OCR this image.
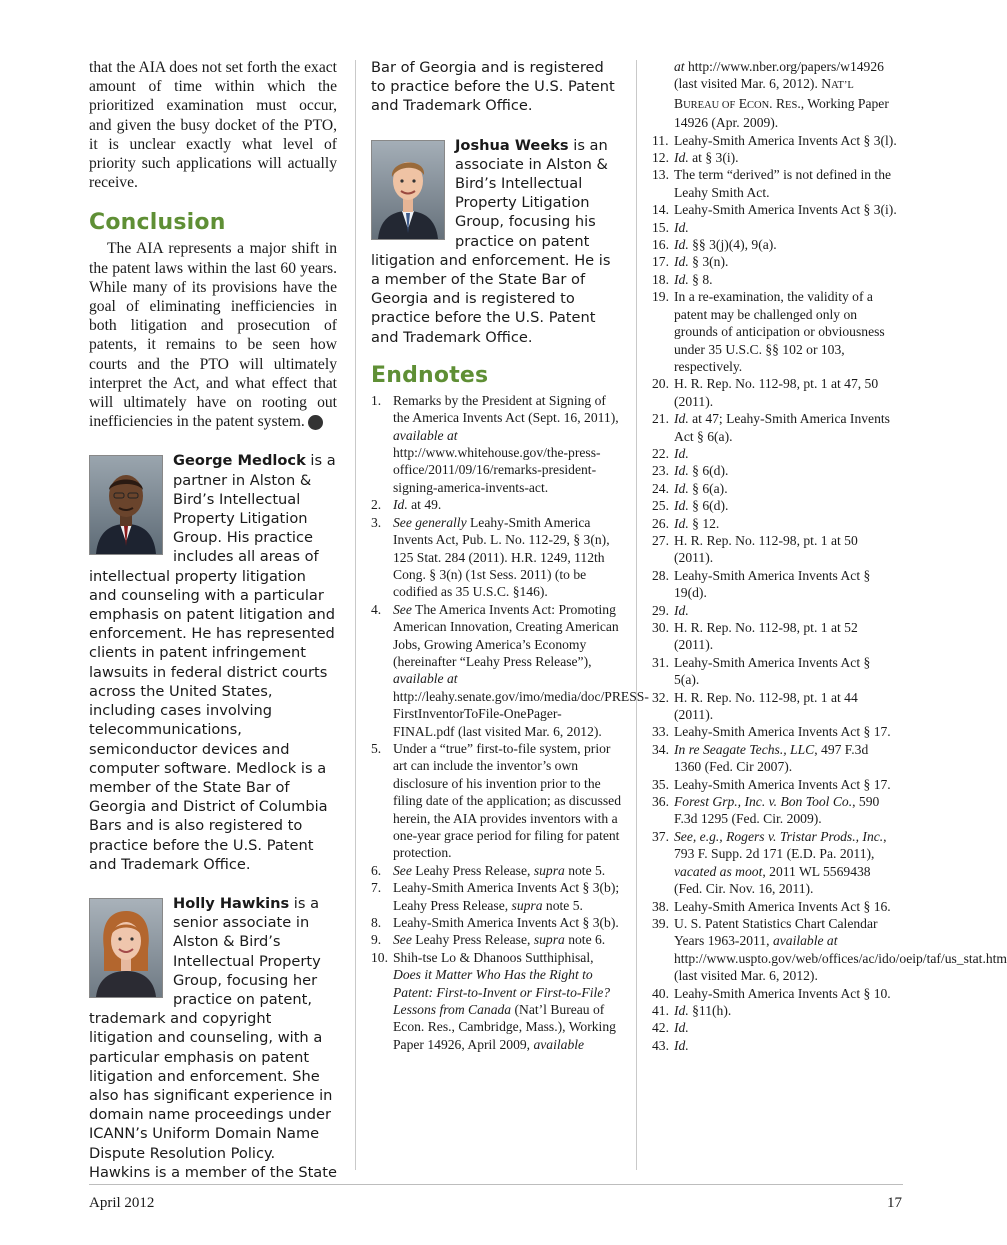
that the AIA does not set forth the exact amount of time within which the prioritized examination must occur, and given the busy docket of the PTO, it is unclear exactly what level of priority such applications will actually receive.

Conclusion

The AIA represents a major shift in the patent laws within the last 60 years. While many of its provisions have the goal of eliminating inefficiencies in both litigation and prosecution of patents, it remains to be seen how courts and the PTO will ultimately interpret the Act, and what effect that will ultimately have on rooting out inefficiencies in the patent system.	GBJ

George Medlock is a partner in Alston & Bird’s Intellectual Property Litigation Group. His practice includes all areas of intellectual property litigation and counseling with a particular emphasis on patent litigation and enforcement. He has represented clients in patent infringement lawsuits in federal district courts across the United States, including cases involving telecommunications, semiconductor devices and computer software. Medlock is a member of the State Bar of Georgia and District of Columbia Bars and is also registered to practice before the U.S. Patent and Trademark Office.

Holly Hawkins is a senior associate in Alston & Bird’s Intellectual Property Group, focusing her practice on patent, trademark and copyright litigation and counseling, with a particular emphasis on patent litigation and enforcement. She also has significant experience in domain name proceedings under ICANN’s Uniform Domain Name Dispute Resolution Policy. Hawkins is a member of the State

Bar of Georgia and is registered to practice before the U.S. Patent and Trademark Office.

Joshua Weeks is an associate in Alston & Bird’s Intellectual Property Litigation Group, focusing his practice on patent litigation and enforcement. He is a member of the State Bar of Georgia and is registered to practice before the U.S. Patent and Trademark Office.

Endnotes
1. Remarks by the President at Signing of the America Invents Act (Sept. 16, 2011), available at http://www.whitehouse.gov/the-press-office/2011/09/16/remarks-president-signing-america-invents-act.
2. Id. at 49.
3. See generally Leahy-Smith America Invents Act, Pub. L. No. 112-29, § 3(n), 125 Stat. 284 (2011). H.R. 1249, 112th Cong. § 3(n) (1st Sess. 2011) (to be codified as 35 U.S.C. §146).
4. See The America Invents Act: Promoting American Innovation, Creating American Jobs, Growing America’s Economy (hereinafter “Leahy Press Release”), available at http://leahy.senate.gov/imo/media/doc/PRESS-FirstInventorToFile-OnePager-FINAL.pdf (last visited Mar. 6, 2012).
5. Under a “true” first-to-file system, prior art can include the inventor’s own disclosure of his invention prior to the filing date of the application; as discussed herein, the AIA provides inventors with a one-year grace period for filing for patent protection.
6. See Leahy Press Release, supra note 5.
7. Leahy-Smith America Invents Act § 3(b); Leahy Press Release, supra note 5.
8. Leahy-Smith America Invents Act § 3(b).
9. See Leahy Press Release, supra note 6.
10. Shih-tse Lo & Dhanoos Sutthiphisal, Does it Matter Who Has the Right to Patent: First-to-Invent or First-to-File? Lessons from Canada (Nat’l Bureau of Econ. Res., Cambridge, Mass.), Working Paper 14926, April 2009, available
at http://www.nber.org/papers/w14926 (last visited Mar. 6, 2012). NAT’L BUREAU OF ECON. RES., Working Paper 14926 (Apr. 2009).
11. Leahy-Smith America Invents Act § 3(l).
12. Id. at § 3(i).
13. The term “derived” is not defined in the Leahy Smith Act.
14. Leahy-Smith America Invents Act § 3(i).
15. Id.
16. Id. §§ 3(j)(4), 9(a).
17. Id. § 3(n).
18. Id. § 8.
19. In a re-examination, the validity of a patent may be challenged only on grounds of anticipation or obviousness under 35 U.S.C. §§ 102 or 103, respectively.
20. H. R. Rep. No. 112-98, pt. 1 at 47, 50 (2011).
21. Id. at 47; Leahy-Smith America Invents Act § 6(a).
22. Id.
23. Id. § 6(d).
24. Id. § 6(a).
25. Id. § 6(d).
26. Id. § 12.
27. H. R. Rep. No. 112-98, pt. 1 at 50 (2011).
28. Leahy-Smith America Invents Act § 19(d).
29. Id.
30. H. R. Rep. No. 112-98, pt. 1 at 52 (2011).
31. Leahy-Smith America Invents Act § 5(a).
32. H. R. Rep. No. 112-98, pt. 1 at 44 (2011).
33. Leahy-Smith America Invents Act § 17.
34. In re Seagate Techs., LLC, 497 F.3d 1360 (Fed. Cir 2007).
35. Leahy-Smith America Invents Act § 17.
36. Forest Grp., Inc. v. Bon Tool Co., 590 F.3d 1295 (Fed. Cir. 2009).
37. See, e.g., Rogers v. Tristar Prods., Inc., 793 F. Supp. 2d 171 (E.D. Pa. 2011), vacated as moot, 2011 WL 5569438 (Fed. Cir. Nov. 16, 2011).
38. Leahy-Smith America Invents Act § 16.
39. U. S. Patent Statistics Chart Calendar Years 1963-2011, available at http://www.uspto.gov/web/offices/ac/ido/oeip/taf/us_stat.htm (last visited Mar. 6, 2012).
40. Leahy-Smith America Invents Act § 10.
41. Id. §11(h).
42. Id.
43. Id.
April 2012	17
